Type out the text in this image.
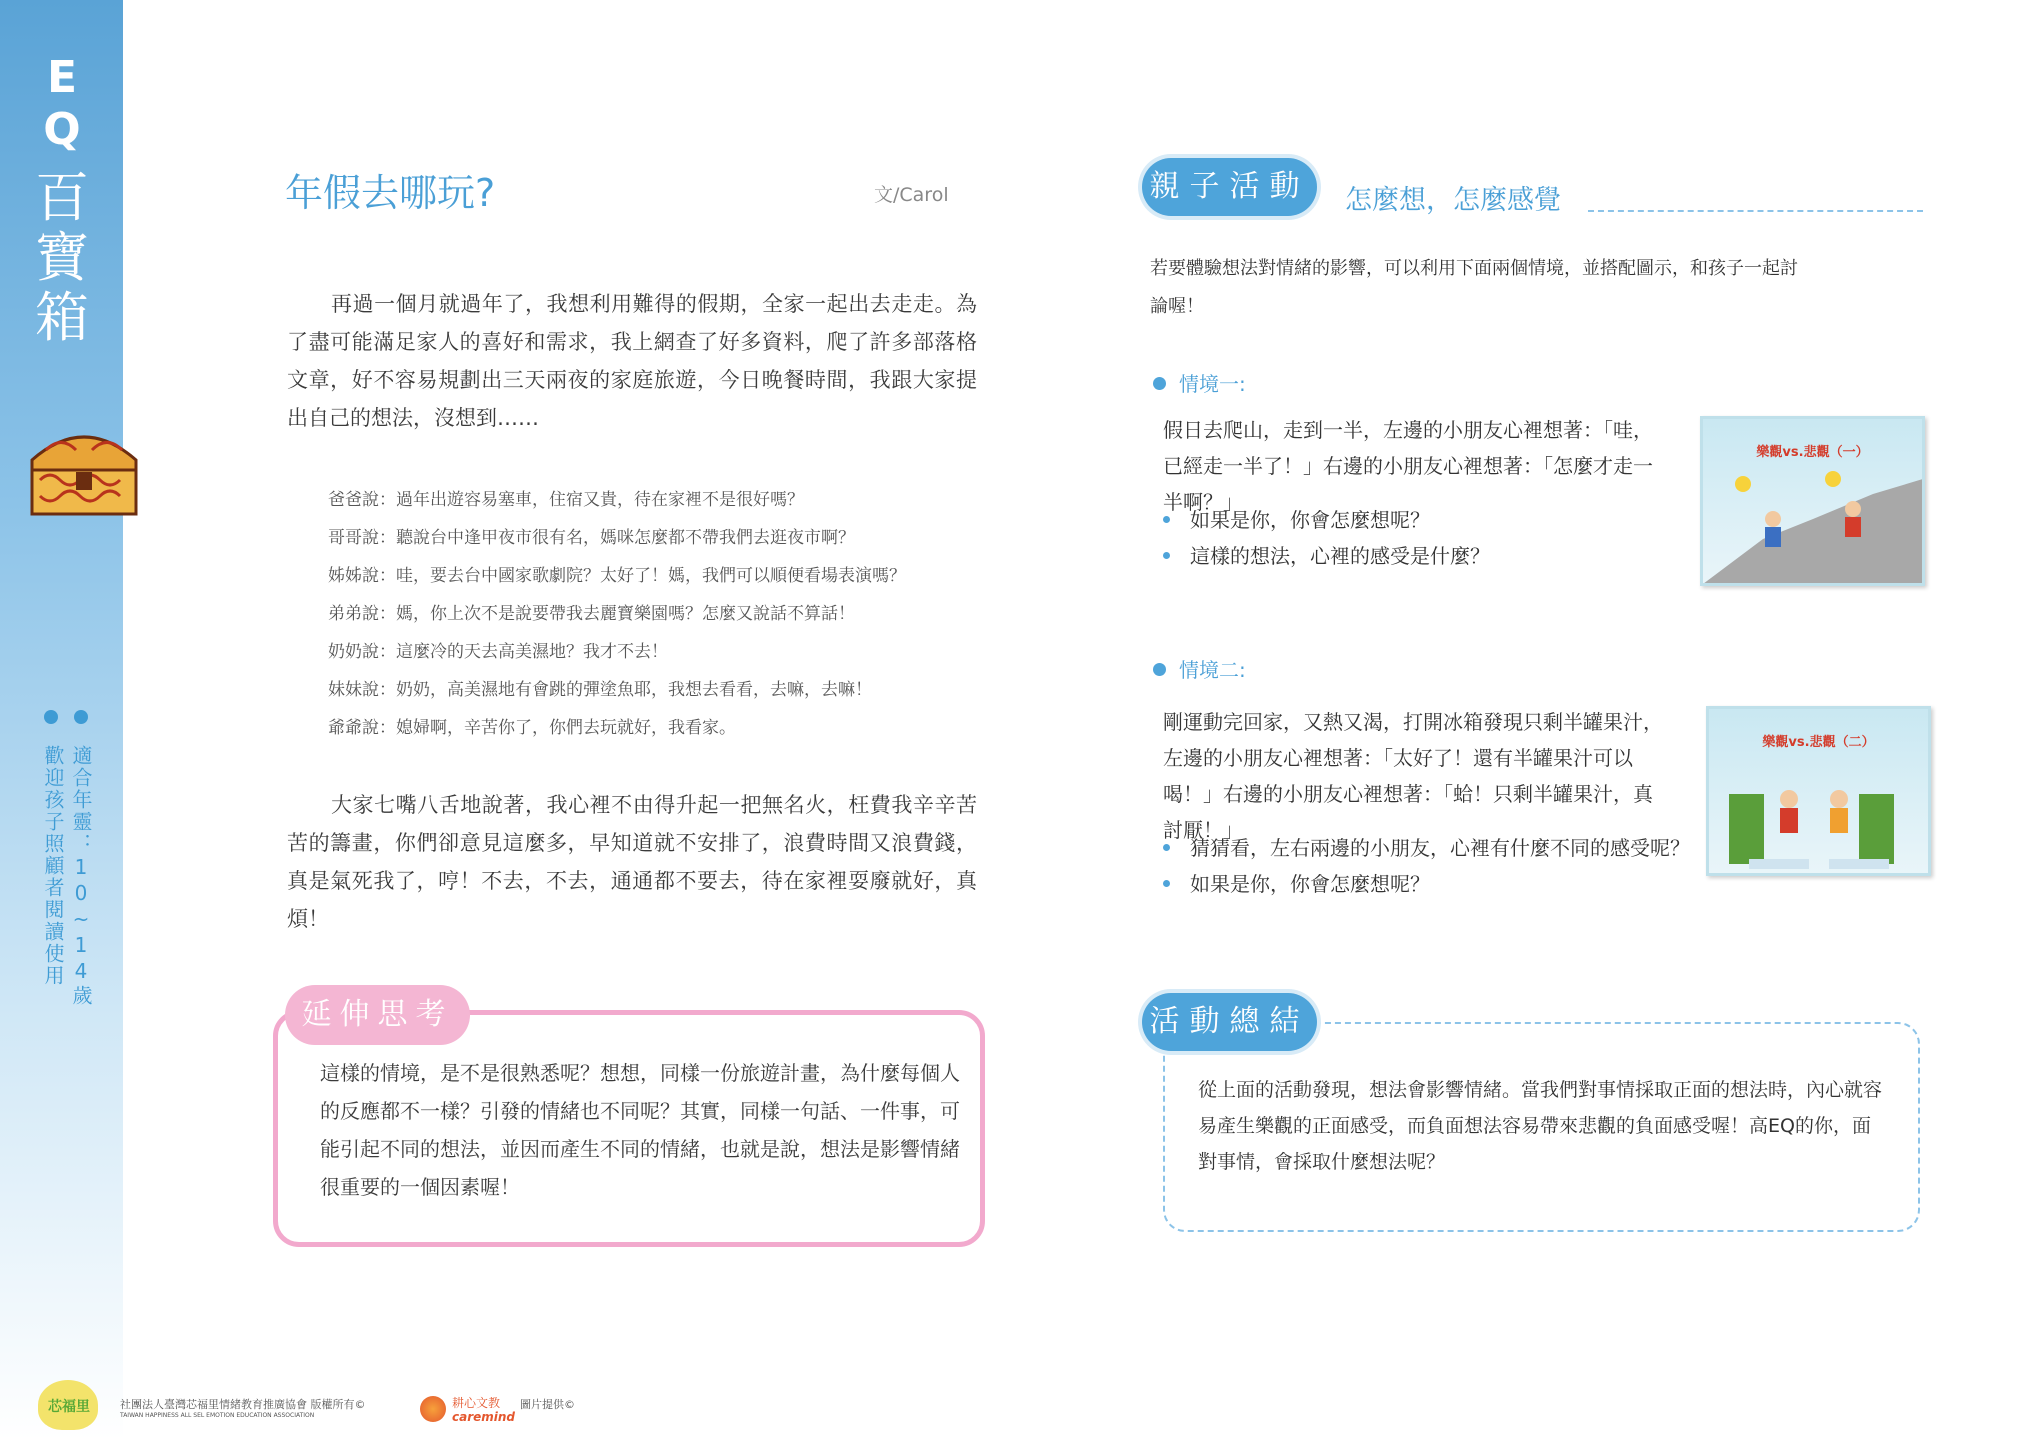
E
Q
百
寶
箱
適合年靈：10~14歲
歡迎孩子照顧者閱讀使用
年假去哪玩?	文/Carol

再過一個月就過年了，我想利用難得的假期，全家一起出去走走。為了盡可能滿足家人的喜好和需求，我上網查了好多資料，爬了許多部落格文章，好不容易規劃出三天兩夜的家庭旅遊，今日晚餐時間，我跟大家提出自己的想法，沒想到……

爸爸說：過年出遊容易塞車，住宿又貴，待在家裡不是很好嗎？
哥哥說：聽說台中逢甲夜市很有名，媽咪怎麼都不帶我們去逛夜市啊？
姊姊說：哇，要去台中國家歌劇院？太好了！媽，我們可以順便看場表演嗎？
弟弟說：媽，你上次不是說要帶我去麗寶樂園嗎？怎麼又說話不算話！
奶奶說：這麼冷的天去高美濕地？我才不去！
妹妹說：奶奶，高美濕地有會跳的彈塗魚耶，我想去看看，去嘛，去嘛！
爺爺說：媳婦啊，辛苦你了，你們去玩就好，我看家。

大家七嘴八舌地說著，我心裡不由得升起一把無名火，枉費我辛辛苦苦的籌畫，你們卻意見這麼多，早知道就不安排了，浪費時間又浪費錢，真是氣死我了，哼！不去，不去，通通都不要去，待在家裡耍廢就好，真煩！

延伸思考

這樣的情境，是不是很熟悉呢？想想，同樣一份旅遊計畫，為什麼每個人的反應都不一樣？引發的情緒也不同呢？其實，同樣一句話、一件事，可能引起不同的想法，並因而產生不同的情緒，也就是說，想法是影響情緒很重要的一個因素喔！

親子活動 怎麼想，怎麼感覺

若要體驗想法對情緒的影響，可以利用下面兩個情境，並搭配圖示，和孩子一起討論喔！

情境一:

假日去爬山，走到一半，左邊的小朋友心裡想著：「哇，已經走一半了！」右邊的小朋友心裡想著：「怎麼才走一半啊？」

如果是你，你會怎麼想呢？
這樣的想法，心裡的感受是什麼？
樂觀vs.悲觀（一）
情境二:

剛運動完回家，又熱又渴，打開冰箱發現只剩半罐果汁，左邊的小朋友心裡想著：「太好了！還有半罐果汁可以喝！」右邊的小朋友心裡想著：「蛤！只剩半罐果汁，真討厭！」

猜猜看，左右兩邊的小朋友，心裡有什麼不同的感受呢？
如果是你，你會怎麼想呢？
樂觀vs.悲觀（二）
活動總結

從上面的活動發現，想法會影響情緒。當我們對事情採取正面的想法時，內心就容易產生樂觀的正面感受，而負面想法容易帶來悲觀的負面感受喔！高EQ的你，面對事情，會採取什麼想法呢？

芯福里	社團法人臺灣芯福里情緒教育推廣協會 版權所有©
TAIWAN HAPPINESS ALL SEL EMOTION EDUCATION ASSOCIATION
耕心文教
caremind
圖片提供©
